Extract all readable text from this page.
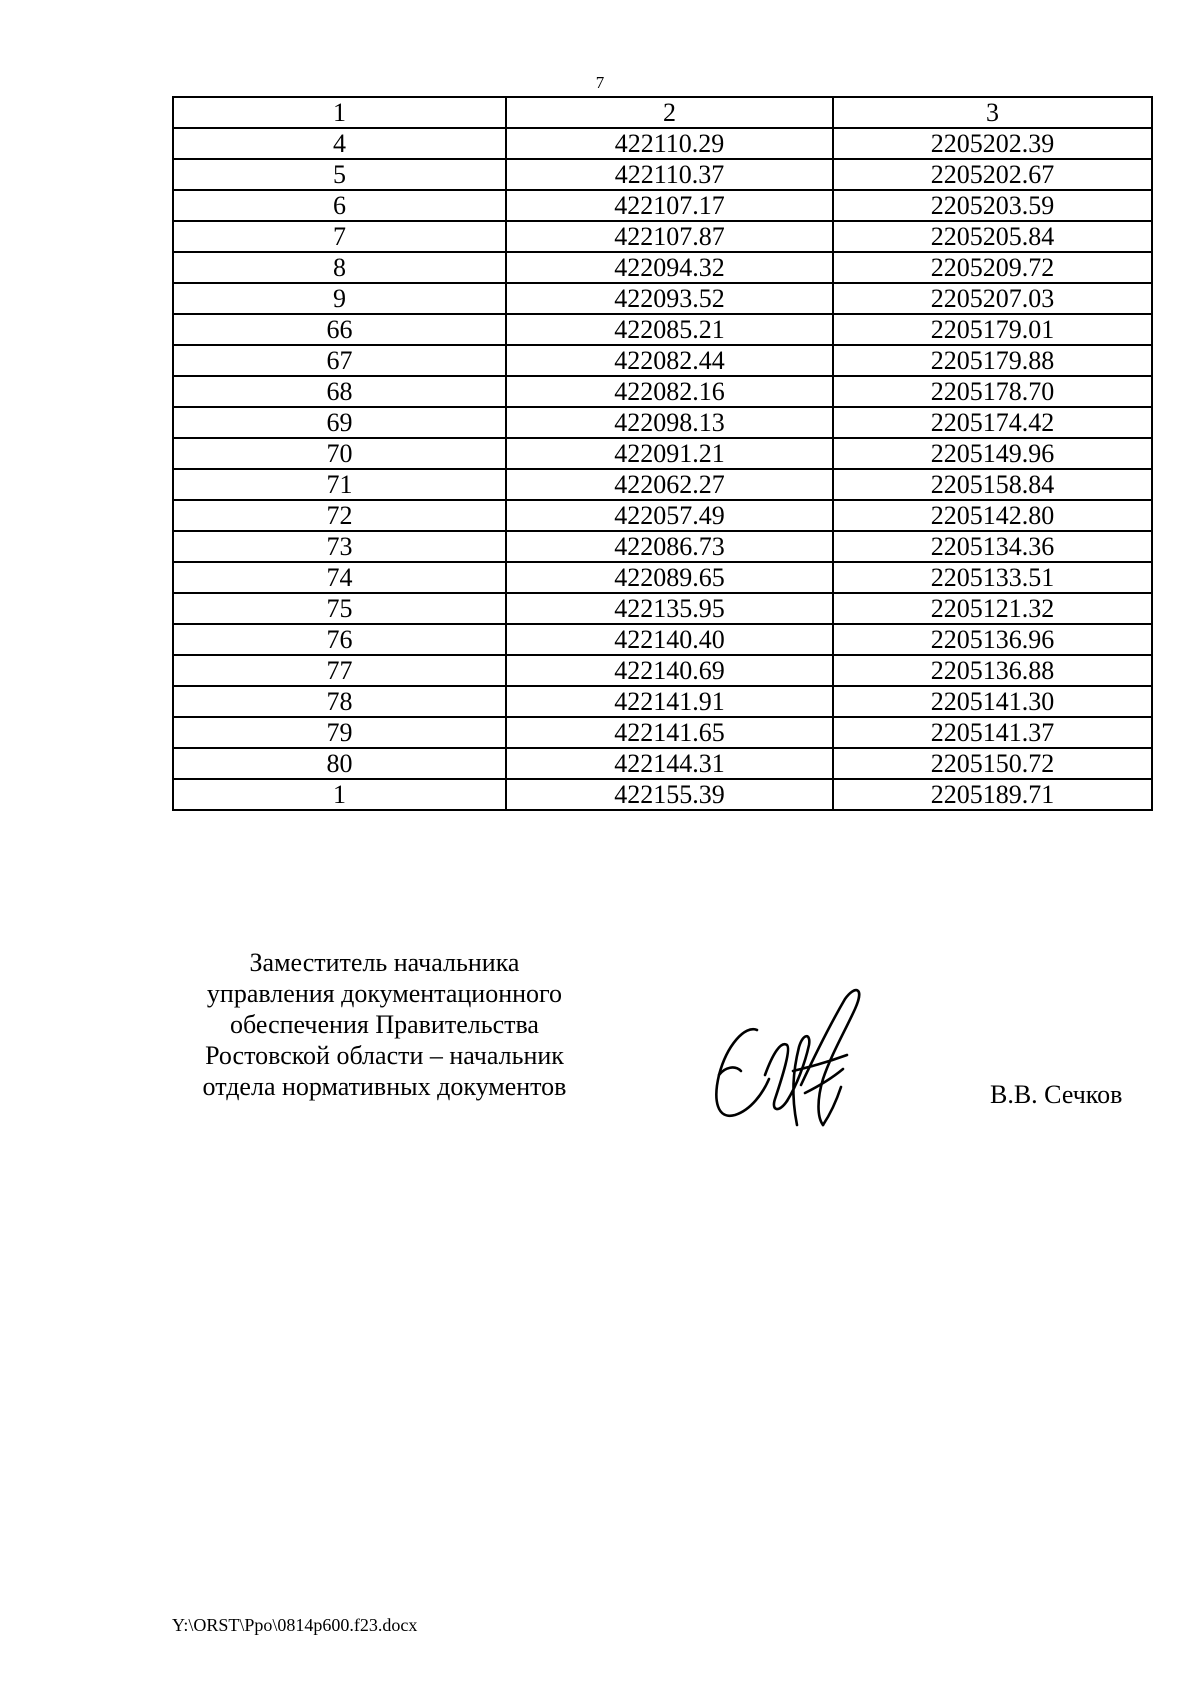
7
1	2	3
4	422110.29	2205202.39
5	422110.37	2205202.67
6	422107.17	2205203.59
7	422107.87	2205205.84
8	422094.32	2205209.72
9	422093.52	2205207.03
66	422085.21	2205179.01
67	422082.44	2205179.88
68	422082.16	2205178.70
69	422098.13	2205174.42
70	422091.21	2205149.96
71	422062.27	2205158.84
72	422057.49	2205142.80
73	422086.73	2205134.36
74	422089.65	2205133.51
75	422135.95	2205121.32
76	422140.40	2205136.96
77	422140.69	2205136.88
78	422141.91	2205141.30
79	422141.65	2205141.37
80	422144.31	2205150.72
1	422155.39	2205189.71
Заместитель начальника
управления документационного
обеспечения Правительства
Ростовской области – начальник
отдела нормативных документов	В.В. Сечков
Y:\ORST\Ppo\0814p600.f23.docx
